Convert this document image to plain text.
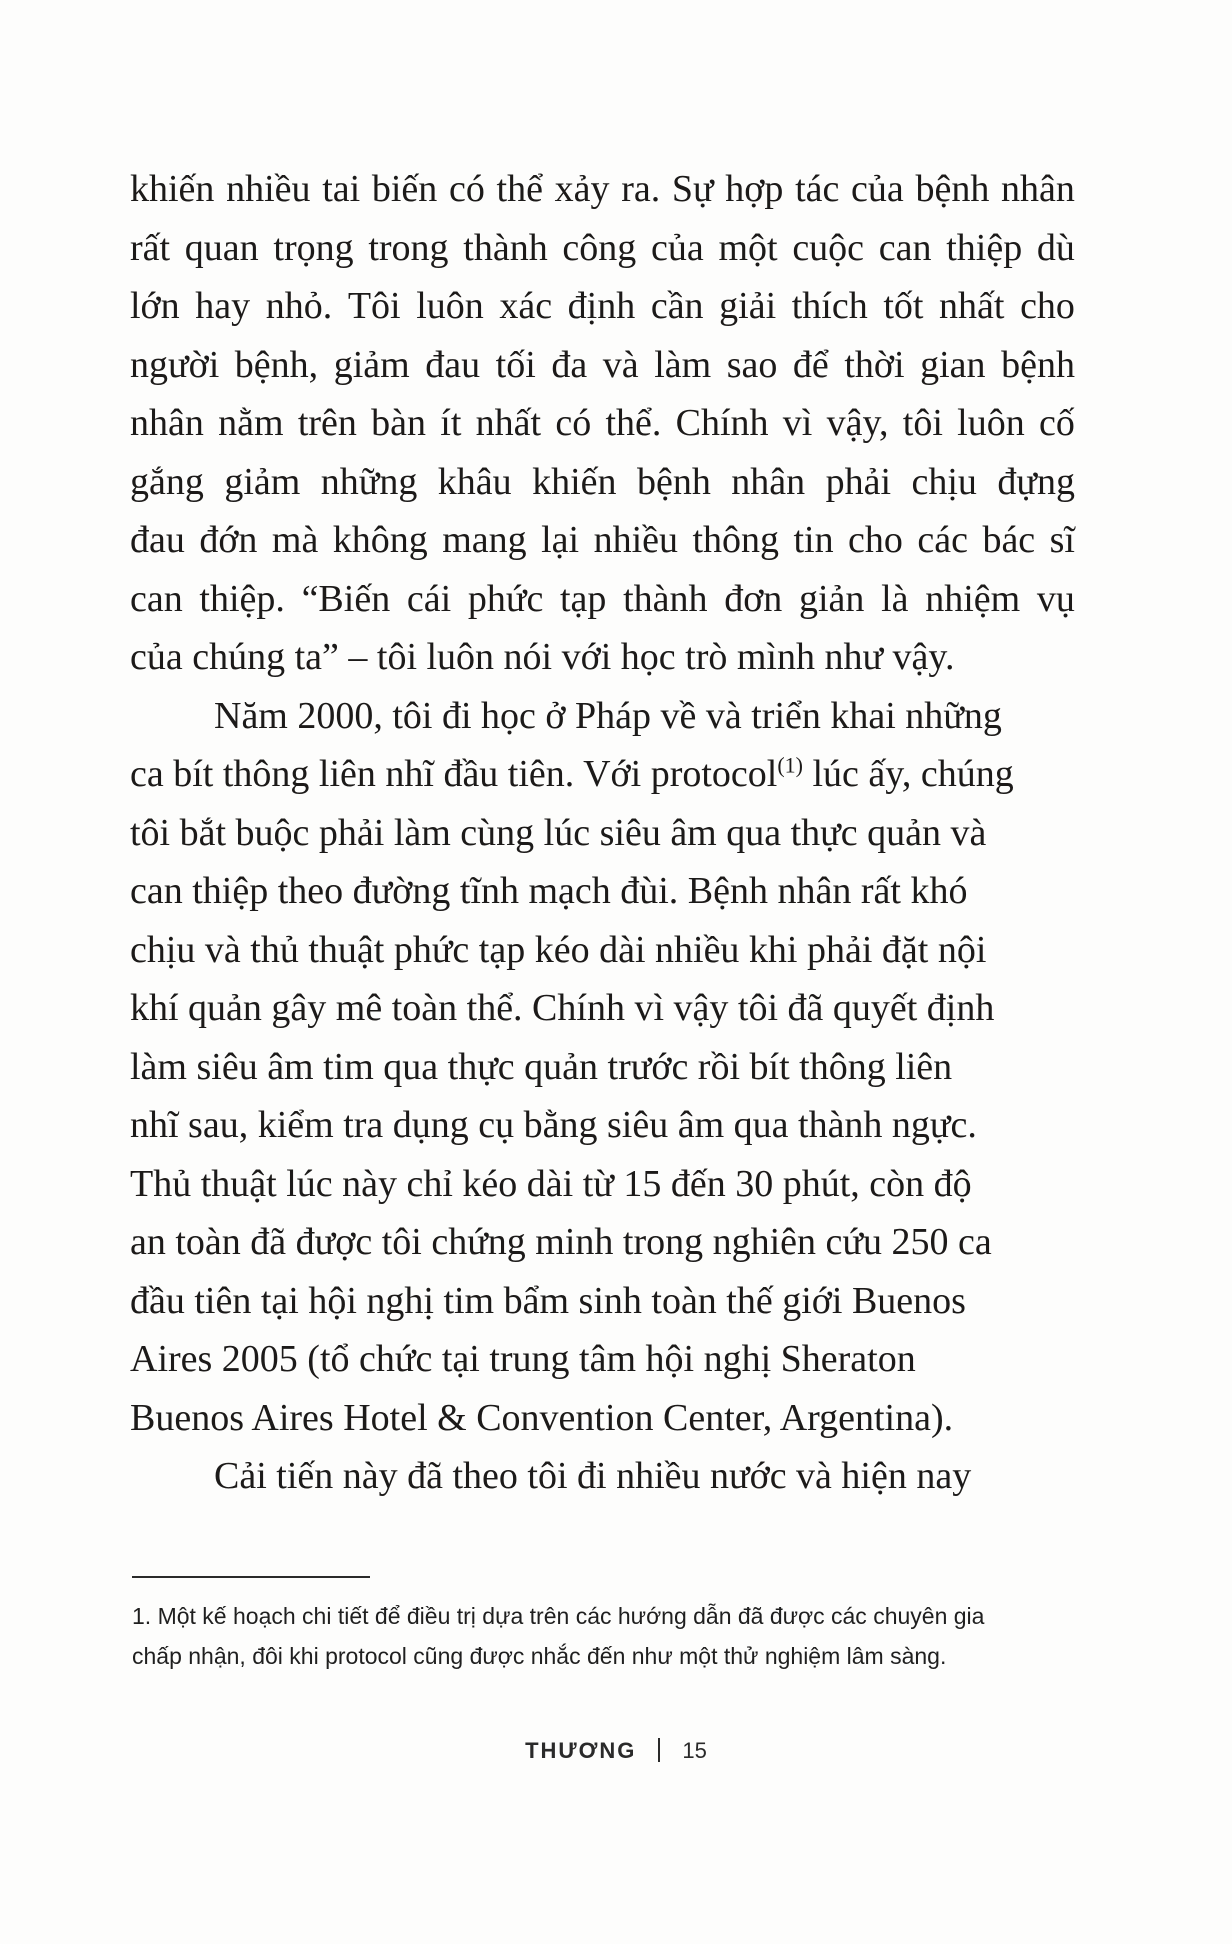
khiến nhiều tai biến có thể xảy ra. Sự hợp tác của bệnh nhân
rất quan trọng trong thành công của một cuộc can thiệp dù
lớn hay nhỏ. Tôi luôn xác định cần giải thích tốt nhất cho
người bệnh, giảm đau tối đa và làm sao để thời gian bệnh
nhân nằm trên bàn ít nhất có thể. Chính vì vậy, tôi luôn cố
gắng giảm những khâu khiến bệnh nhân phải chịu đựng
đau đớn mà không mang lại nhiều thông tin cho các bác sĩ
can thiệp. “Biến cái phức tạp thành đơn giản là nhiệm vụ
của chúng ta” – tôi luôn nói với học trò mình như vậy.
Năm 2000, tôi đi học ở Pháp về và triển khai những
ca bít thông liên nhĩ đầu tiên. Với protocol$^{(1)}$ lúc ấy, chúng
tôi bắt buộc phải làm cùng lúc siêu âm qua thực quản và
can thiệp theo đường tĩnh mạch đùi. Bệnh nhân rất khó
chịu và thủ thuật phức tạp kéo dài nhiều khi phải đặt nội
khí quản gây mê toàn thể. Chính vì vậy tôi đã quyết định
làm siêu âm tim qua thực quản trước rồi bít thông liên
nhĩ sau, kiểm tra dụng cụ bằng siêu âm qua thành ngực.
Thủ thuật lúc này chỉ kéo dài từ 15 đến 30 phút, còn độ
an toàn đã được tôi chứng minh trong nghiên cứu 250 ca
đầu tiên tại hội nghị tim bẩm sinh toàn thế giới Buenos
Aires 2005 (tổ chức tại trung tâm hội nghị Sheraton
Buenos Aires Hotel & Convention Center, Argentina).
Cải tiến này đã theo tôi đi nhiều nước và hiện nay
1. Một kế hoạch chi tiết để điều trị dựa trên các hướng dẫn đã được các chuyên gia
chấp nhận, đôi khi protocol cũng được nhắc đến như một thử nghiệm lâm sàng.
THƯƠNG 15
